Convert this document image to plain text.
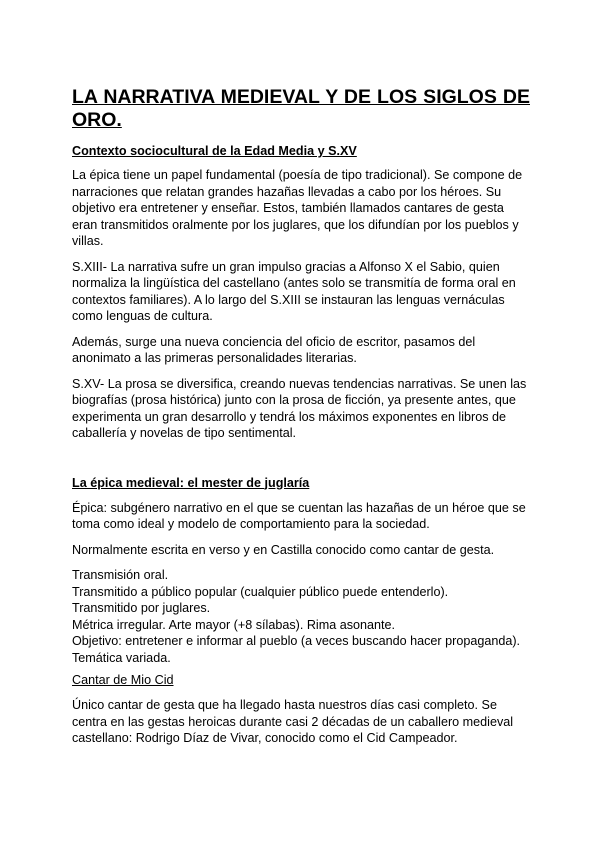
LA NARRATIVA MEDIEVAL Y DE LOS SIGLOS DE ORO.
Contexto sociocultural de la Edad Media y S.XV

La épica tiene un papel fundamental (poesía de tipo tradicional). Se compone de narraciones que relatan grandes hazañas llevadas a cabo por los héroes. Su objetivo era entretener y enseñar. Estos, también llamados cantares de gesta eran transmitidos oralmente por los juglares, que los difundían por los pueblos y villas.

S.XIII- La narrativa sufre un gran impulso gracias a Alfonso X el Sabio, quien normaliza la lingüística del castellano (antes solo se transmitía de forma oral en contextos familiares). A lo largo del S.XIII se instauran las lenguas vernáculas como lenguas de cultura.

Además, surge una nueva conciencia del oficio de escritor, pasamos del anonimato a las primeras personalidades literarias.

S.XV- La prosa se diversifica, creando nuevas tendencias narrativas. Se unen las biografías (prosa histórica) junto con la prosa de ficción, ya presente antes, que experimenta un gran desarrollo y tendrá los máximos exponentes en libros de caballería y novelas de tipo sentimental.

La épica medieval: el mester de juglaría

Épica: subgénero narrativo en el que se cuentan las hazañas de un héroe que se toma como ideal y modelo de comportamiento para la sociedad.

Normalmente escrita en verso y en Castilla conocido como cantar de gesta.

Transmisión oral.
Transmitido a público popular (cualquier público puede entenderlo).
Transmitido por juglares.
Métrica irregular. Arte mayor (+8 sílabas). Rima asonante.
Objetivo: entretener e informar al pueblo (a veces buscando hacer propaganda).
Temática variada.

Cantar de Mio Cid

Único cantar de gesta que ha llegado hasta nuestros días casi completo. Se centra en las gestas heroicas durante casi 2 décadas de un caballero medieval castellano: Rodrigo Díaz de Vivar, conocido como el Cid Campeador.
